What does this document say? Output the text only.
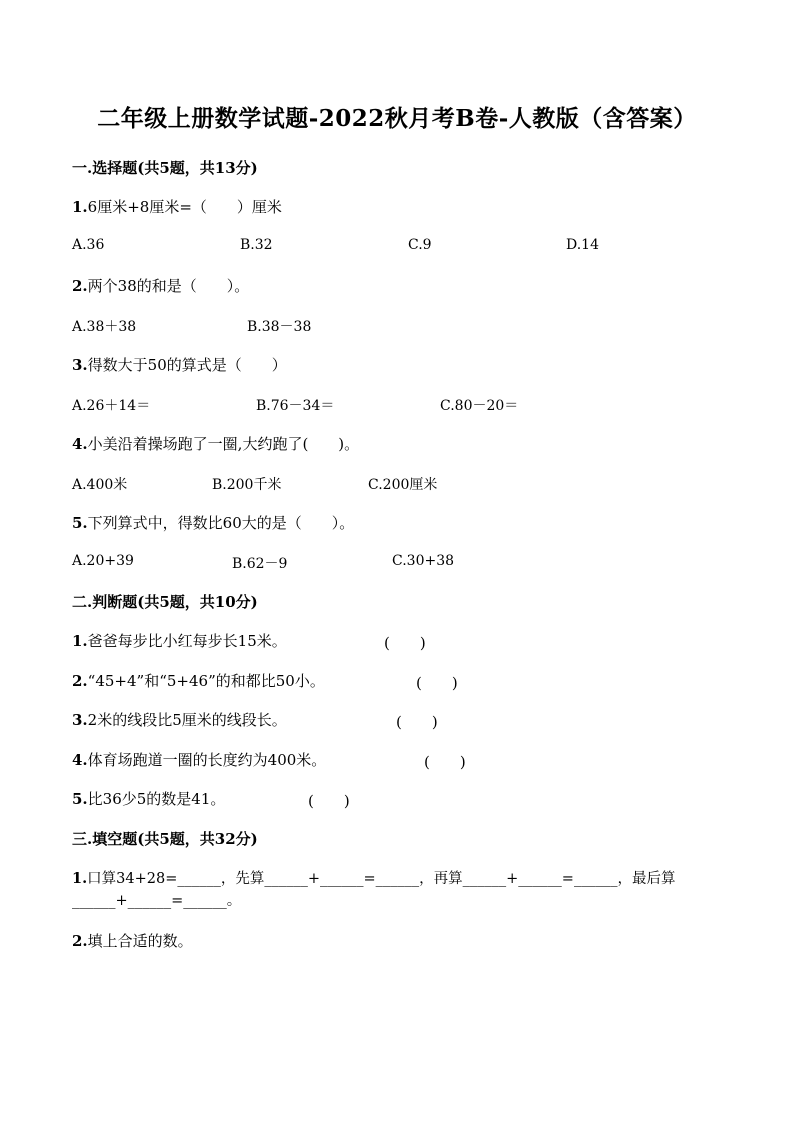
二年级上册数学试题-2022秋月考B卷-人教版（含答案）
一.选择题(共5题，共13分)
1.6厘米+8厘米=（　　）厘米
A.36	B.32	C.9	D.14
2.两个38的和是（　　）。
A.38＋38	B.38－38
3.得数大于50的算式是（　　）
A.26＋14＝	B.76－34＝	C.80－20＝
4.小美沿着操场跑了一圈,大约跑了(　　)。
A.400米	B.200千米	C.200厘米
5.下列算式中，得数比60大的是（　　）。
A.20+39	B.62－9	C.30+38
二.判断题(共5题，共10分)
1.爸爸每步比小红每步长15米。	(　　)
2.“45+4”和“5+46”的和都比50小。	(　　)
3.2米的线段比5厘米的线段长。	(　　)
4.体育场跑道一圈的长度约为400米。	(　　)
5.比36少5的数是41。	(　　)
三.填空题(共5题，共32分)
1.口算34+28=______，先算______+______=______，再算______+______=______，最后算
______+______=______。
2.填上合适的数。
